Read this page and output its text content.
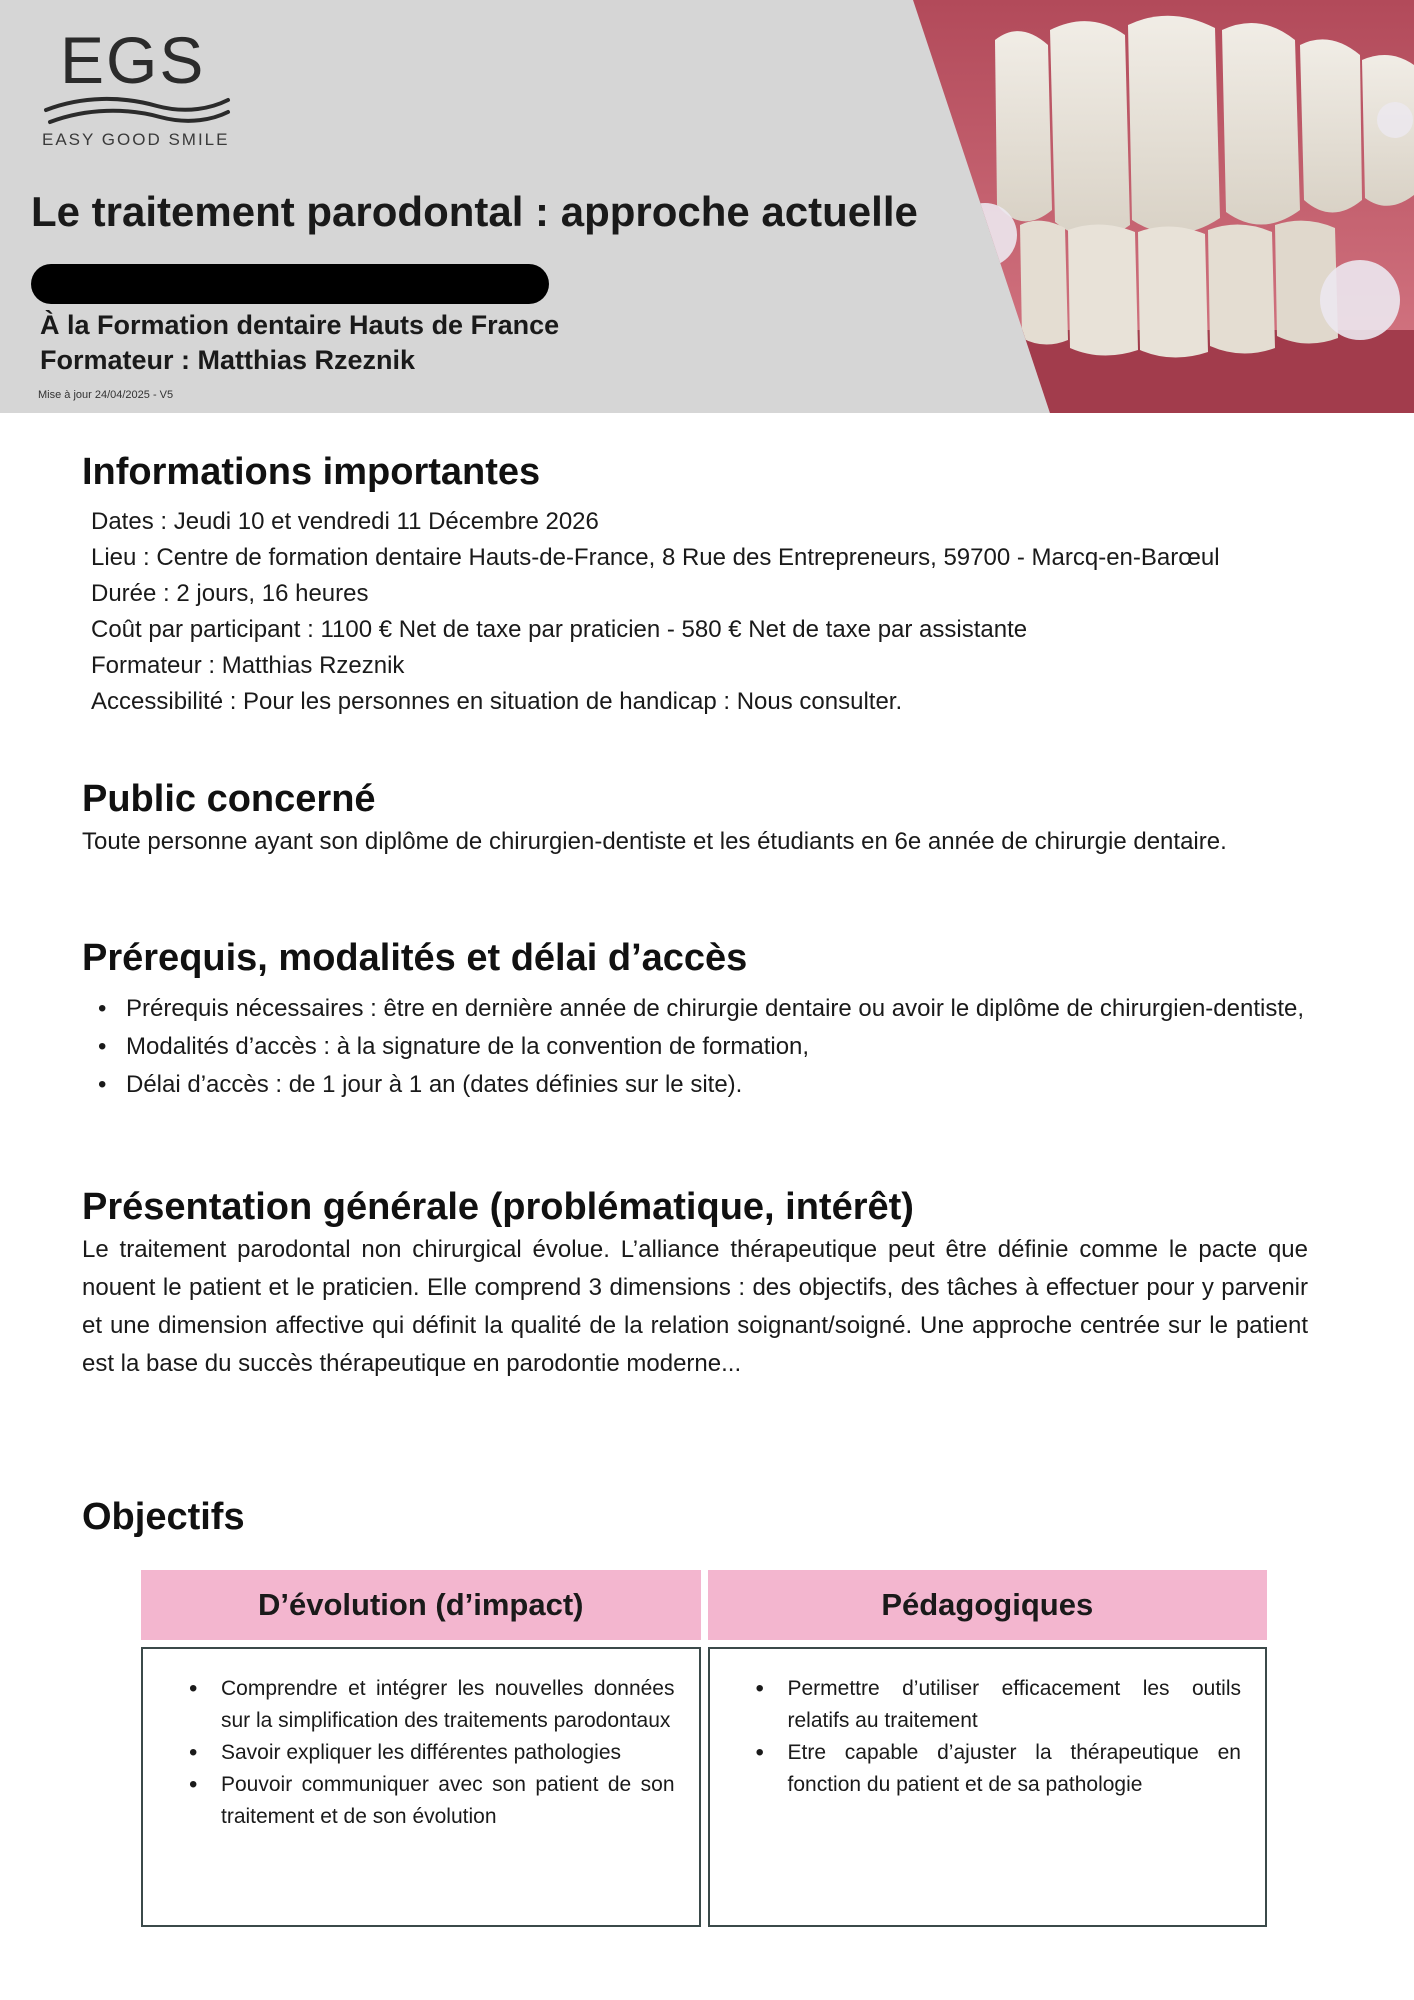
EGS
EASY GOOD SMILE
Le traitement parodontal : approche actuelle
À la Formation dentaire Hauts de France
Formateur : Matthias Rzeznik
Mise à jour 24/04/2025 - V5
Informations importantes
Dates : Jeudi 10 et vendredi 11 Décembre 2026
Lieu : Centre de formation dentaire Hauts-de-France, 8 Rue des Entrepreneurs, 59700 - Marcq-en-Barœul
Durée : 2 jours, 16 heures
Coût par participant : 1100 € Net de taxe par praticien - 580 € Net de taxe par assistante
Formateur : Matthias Rzeznik
Accessibilité : Pour les personnes en situation de handicap : Nous consulter.
Public concerné

Toute personne ayant son diplôme de chirurgien-dentiste et les étudiants en 6e année de chirurgie dentaire.

Prérequis, modalités et délai d’accès
• Prérequis nécessaires : être en dernière année de chirurgie dentaire ou avoir le diplôme de chirurgien-dentiste,
• Modalités d’accès : à la signature de la convention de formation,
• Délai d’accès : de 1 jour à 1 an (dates définies sur le site).
Présentation générale (problématique, intérêt)

Le traitement parodontal non chirurgical évolue. L’alliance thérapeutique peut être définie comme le pacte que nouent le patient et le praticien. Elle comprend 3 dimensions : des objectifs, des tâches à effectuer pour y parvenir et une dimension affective qui définit la qualité de la relation soignant/soigné. Une approche centrée sur le patient est la base du succès thérapeutique en parodontie moderne...

Objectifs
D’évolution (d’impact)	Pédagogiques
• Comprendre et intégrer les nouvelles données sur la simplification des traitements parodontaux
• Savoir expliquer les différentes pathologies
• Pouvoir communiquer avec son patient de son traitement et de son évolution
• Permettre d’utiliser efficacement les outils relatifs au traitement
• Etre capable d’ajuster la thérapeutique en fonction du patient et de sa pathologie
